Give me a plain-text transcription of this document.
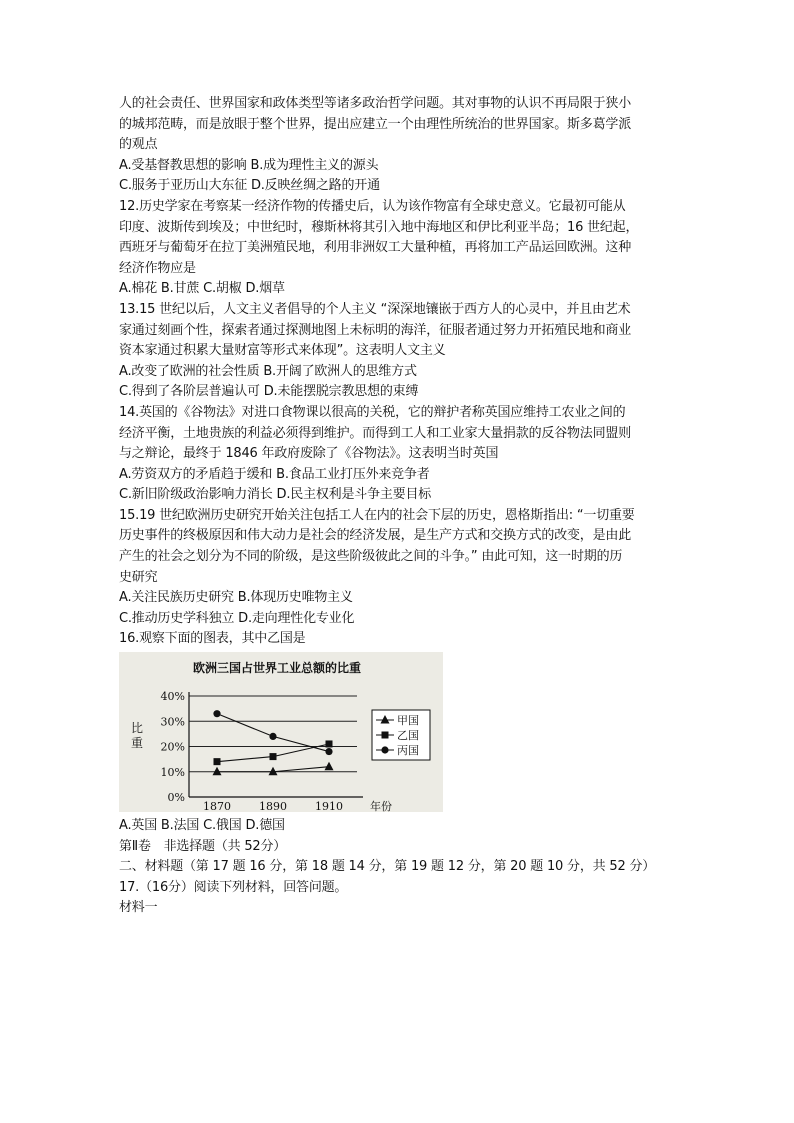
人的社会责任、世界国家和政体类型等诸多政治哲学问题。其对事物的认识不再局限于狭小
的城邦范畴，而是放眼于整个世界，提出应建立一个由理性所统治的世界国家。斯多葛学派
的观点
A.受基督教思想的影响 B.成为理性主义的源头
C.服务于亚历山大东征 D.反映丝绸之路的开通
12.历史学家在考察某一经济作物的传播史后，认为该作物富有全球史意义。它最初可能从
印度、波斯传到埃及；中世纪时，穆斯林将其引入地中海地区和伊比利亚半岛；16 世纪起，
西班牙与葡萄牙在拉丁美洲殖民地，利用非洲奴工大量种植，再将加工产品运回欧洲。这种
经济作物应是
A.棉花 B.甘蔗 C.胡椒 D.烟草
13.15 世纪以后，人文主义者倡导的个人主义 “深深地镶嵌于西方人的心灵中，并且由艺术
家通过刻画个性，探索者通过探测地图上未标明的海洋，征服者通过努力开拓殖民地和商业
资本家通过积累大量财富等形式来体现”。这表明人文主义
A.改变了欧洲的社会性质 B.开阔了欧洲人的思维方式
C.得到了各阶层普遍认可 D.未能摆脱宗教思想的束缚
14.英国的《谷物法》对进口食物课以很高的关税，它的辩护者称英国应维持工农业之间的
经济平衡，土地贵族的利益必须得到维护。而得到工人和工业家大量捐款的反谷物法同盟则
与之辩论，最终于 1846 年政府废除了《谷物法》。这表明当时英国
A.劳资双方的矛盾趋于缓和 B.食品工业打压外来竞争者
C.新旧阶级政治影响力消长 D.民主权利是斗争主要目标
15.19 世纪欧洲历史研究开始关注包括工人在内的社会下层的历史，恩格斯指出: “一切重要
历史事件的终极原因和伟大动力是社会的经济发展，是生产方式和交换方式的改变，是由此
产生的社会之划分为不同的阶级，是这些阶级彼此之间的斗争。” 由此可知，这一时期的历
史研究
A.关注民族历史研究 B.体现历史唯物主义
C.推动历史学科独立 D.走向理性化专业化
16.观察下面的图表，其中乙国是
欧洲三国占世界工业总额的比重
0%
10%
20%
30%
40%
1870	1890	1910 年份
比
重
甲国
乙国
丙国
A.英国 B.法国 C.俄国 D.德国
第Ⅱ卷　非选择题（共 52分）
二、材料题（第 17 题 16 分，第 18 题 14 分，第 19 题 12 分，第 20 题 10 分，共 52 分）
17.（16分）阅读下列材料，回答问题。
材料一
